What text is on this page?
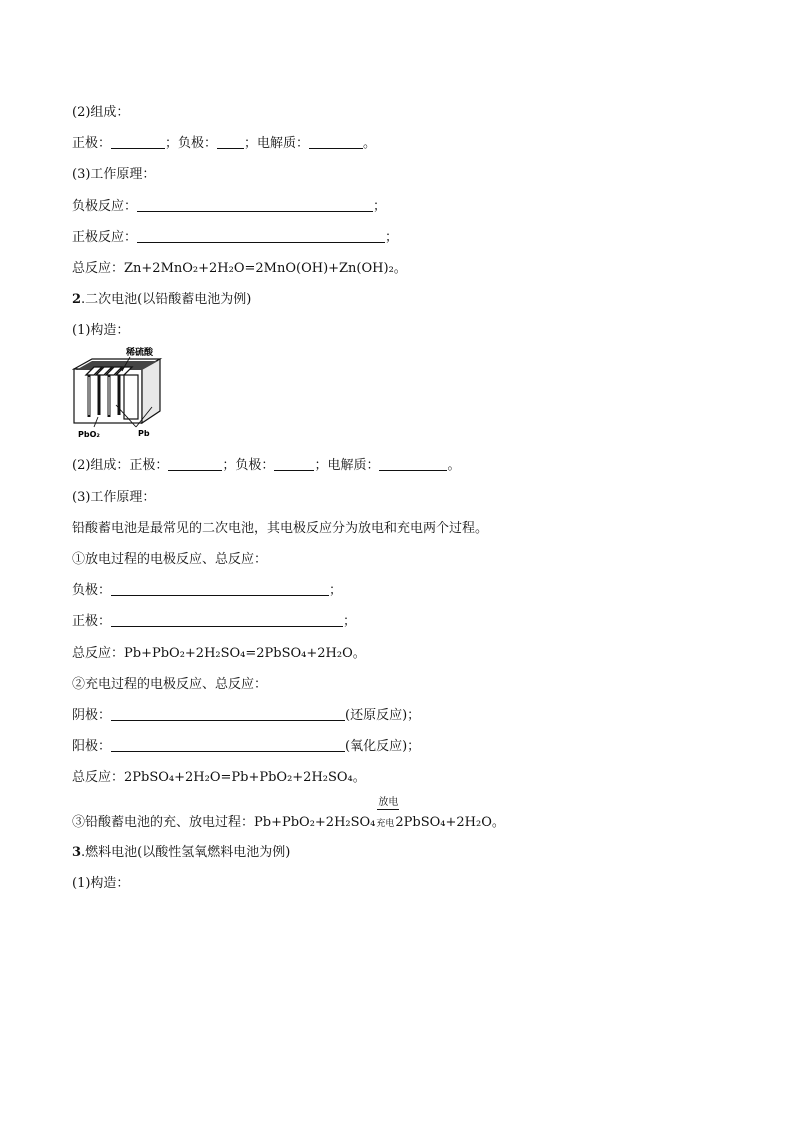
(2)组成：
正极：	；负极： ；电解质：	。
(3)工作原理：
负极反应：	；
正极反应：	；
总反应：Zn+2MnO₂+2H₂O=2MnO(OH)+Zn(OH)₂。
2.二次电池(以铅酸蓄电池为例)
(1)构造：
稀硫酸
PbO₂	Pb
(2)组成：正极：	；负极：	；电解质：	。
(3)工作原理：
铅酸蓄电池是最常见的二次电池，其电极反应分为放电和充电两个过程。
①放电过程的电极反应、总反应：
负极：	；
正极：	；
总反应：Pb+PbO₂+2H₂SO₄=2PbSO₄+2H₂O。
②充电过程的电极反应、总反应：
阴极：	(还原反应)；
阳极：	(氧化反应)；
总反应：2PbSO₄+2H₂O=Pb+PbO₂+2H₂SO₄。
③铅酸蓄电池的充、放电过程：Pb+PbO₂+2H₂SO₄
放电
充电2PbSO₄+2H₂O。
3.燃料电池(以酸性氢氧燃料电池为例)
(1)构造：
